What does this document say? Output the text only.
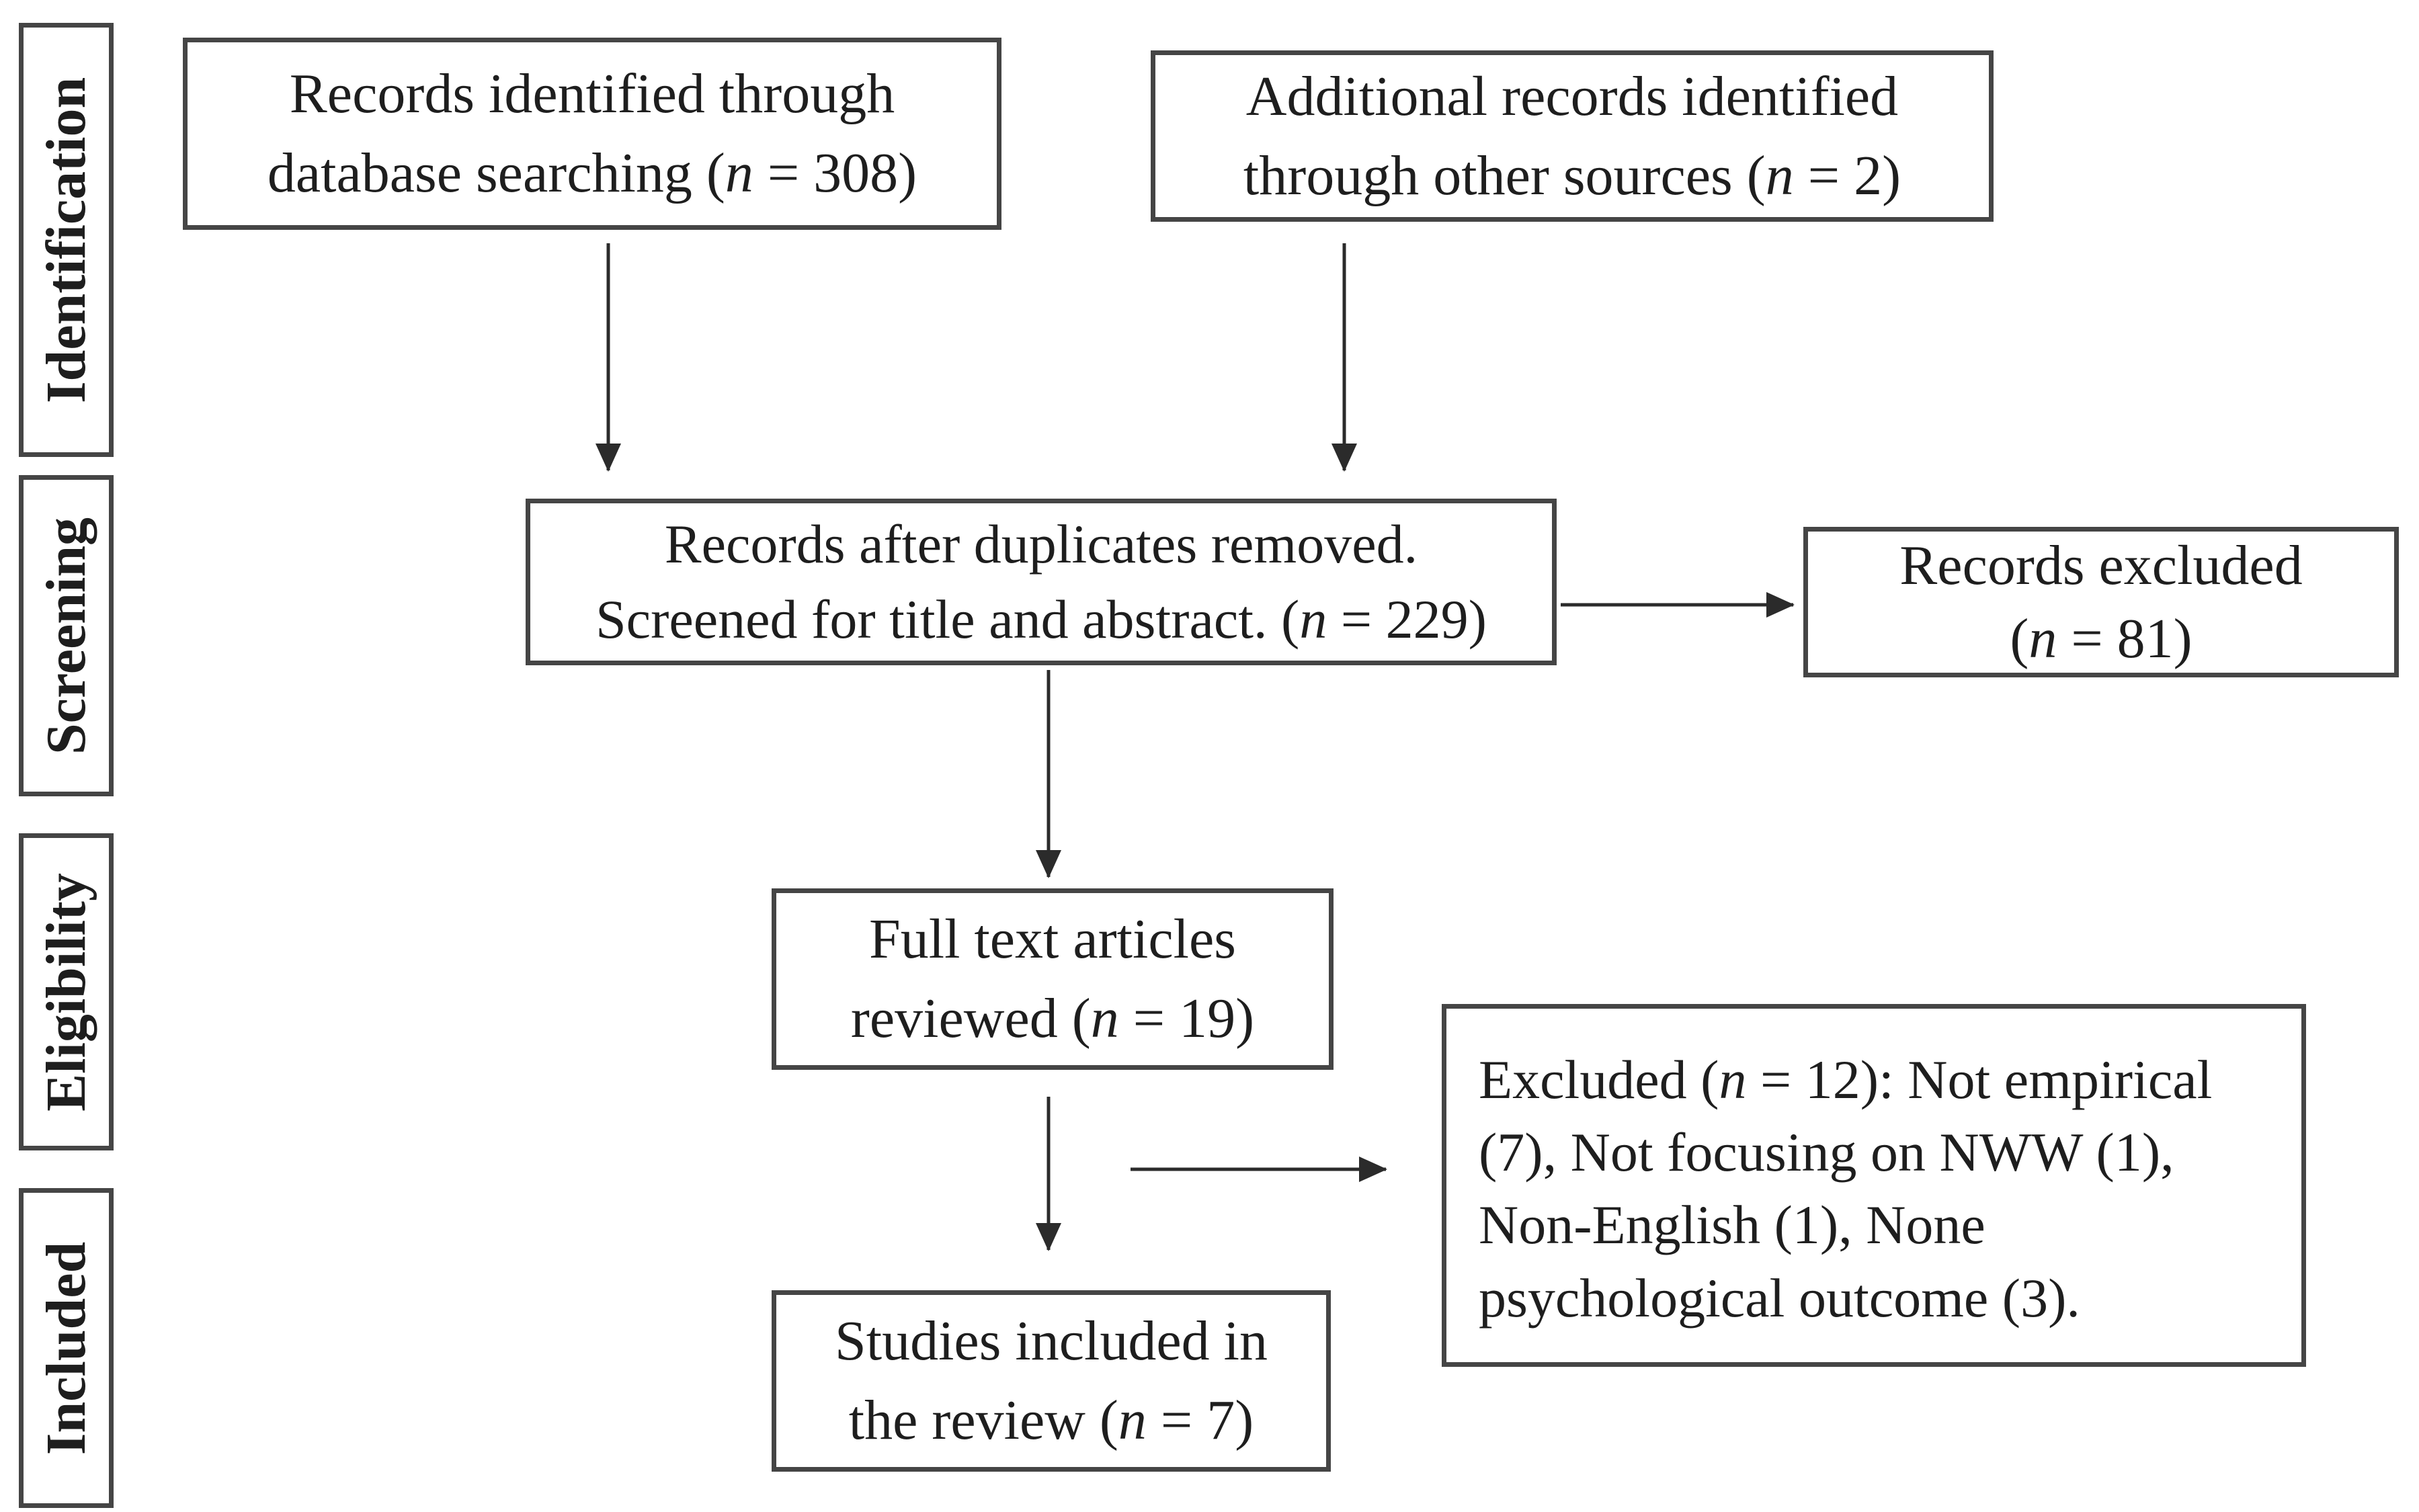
Identification
Screening
Eligibility
Included
Records identified through
database searching (n = 308)
Additional records identified
through other sources (n = 2)
Records after duplicates removed.
Screened for title and abstract. (n = 229)
Records excluded
(n = 81)
Full text articles
reviewed (n = 19)
Excluded (n = 12): Not empirical
(7), Not focusing on NWW (1),
Non-English (1), None
psychological outcome (3).
Studies included in
the review (n = 7)
